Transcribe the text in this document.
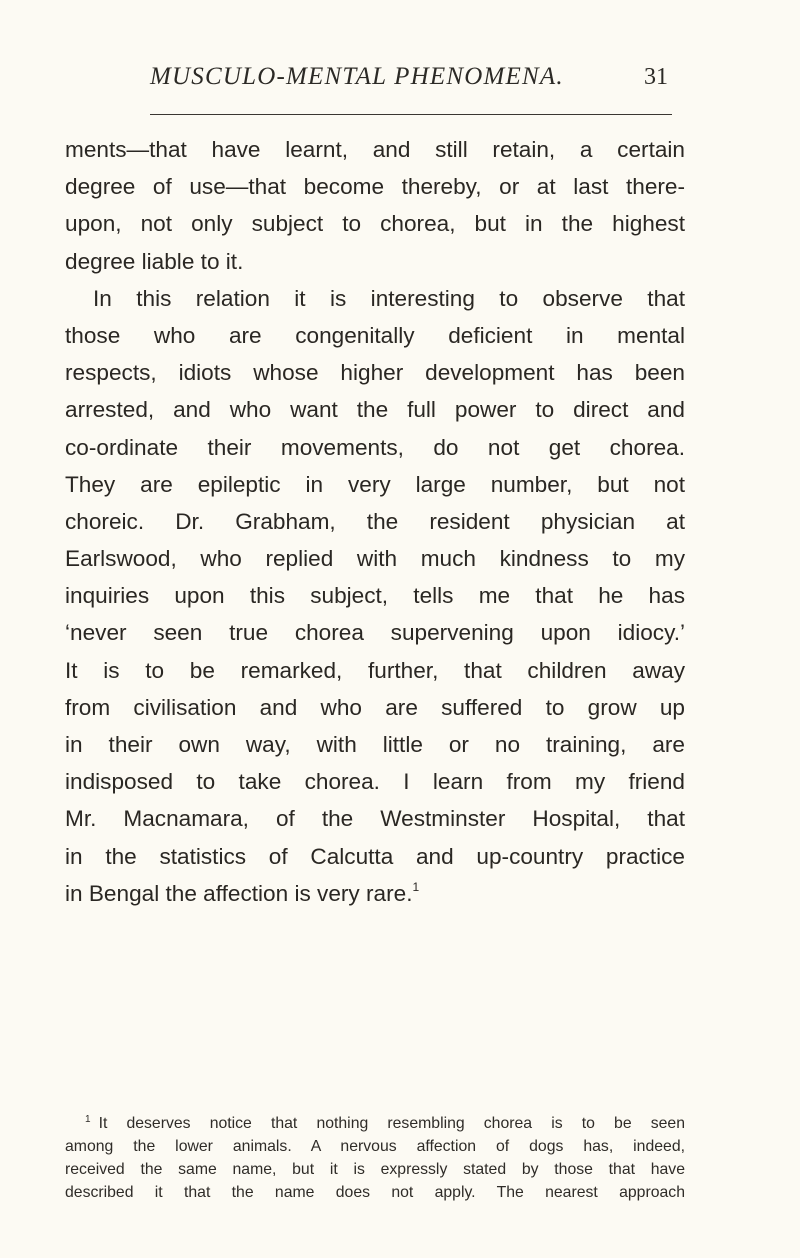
MUSCULO-MENTAL PHENOMENA.	31
ments—that have learnt, and still retain, a certain
degree of use—that become thereby, or at last there-
upon, not only subject to chorea, but in the highest
degree liable to it.
In this relation it is interesting to observe that
those who are congenitally deficient in mental
respects, idiots whose higher development has been
arrested, and who want the full power to direct and
co-ordinate their movements, do not get chorea.
They are epileptic in very large number, but not
choreic. Dr. Grabham, the resident physician at
Earlswood, who replied with much kindness to my
inquiries upon this subject, tells me that he has
‘never seen true chorea supervening upon idiocy.’
It is to be remarked, further, that children away
from civilisation and who are suffered to grow up
in their own way, with little or no training, are
indisposed to take chorea. I learn from my friend
Mr. Macnamara, of the Westminster Hospital, that
in the statistics of Calcutta and up-country practice
in Bengal the affection is very rare.$^1$
$^1$ It deserves notice that nothing resembling chorea is to be seen
among the lower animals. A nervous affection of dogs has, indeed,
received the same name, but it is expressly stated by those that have
described it that the name does not apply. The nearest approach
